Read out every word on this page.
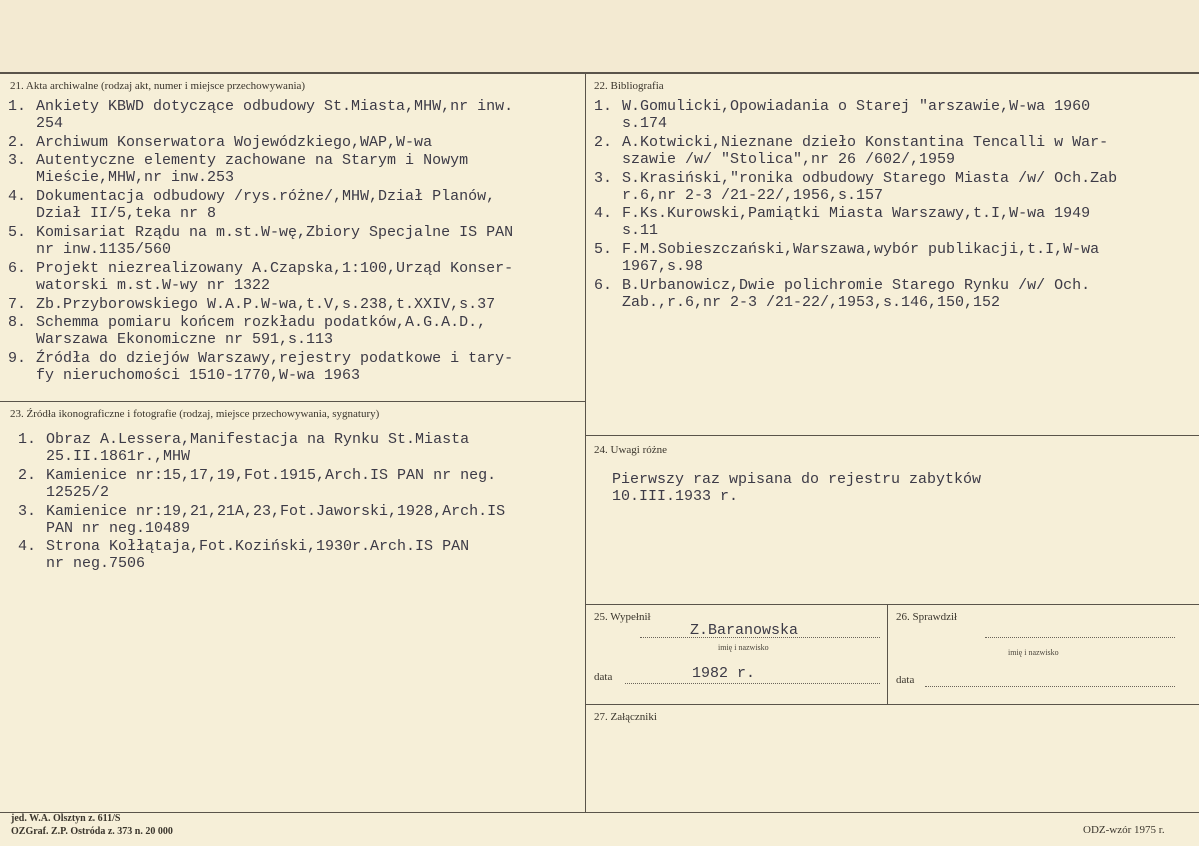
21. Akta archiwalne (rodzaj akt, numer i miejsce przechowywania)
1. Ankiety KBWD dotyczące odbudowy St.Miasta,MHW,nr inw.
254
2. Archiwum Konserwatora Wojewódzkiego,WAP,W-wa
3. Autentyczne elementy zachowane na Starym i Nowym
Mieście,MHW,nr inw.253
4. Dokumentacja odbudowy /rys.różne/,MHW,Dział Planów,
Dział II/5,teka nr 8
5. Komisariat Rządu na m.st.W-wę,Zbiory Specjalne IS PAN
nr inw.1135/560
6. Projekt niezrealizowany A.Czapska,1:100,Urząd Konser-
watorski m.st.W-wy nr 1322
7. Zb.Przyborowskiego W.A.P.W-wa,t.V,s.238,t.XXIV,s.37
8. Schemma pomiaru końcem rozkładu podatków,A.G.A.D.,
Warszawa Ekonomiczne nr 591,s.113
9. Źródła do dziejów Warszawy,rejestry podatkowe i tary-
fy nieruchomości 1510-1770,W-wa 1963
22. Bibliografia
1. W.Gomulicki,Opowiadania o Starej "arszawie,W-wa 1960
s.174
2. A.Kotwicki,Nieznane dzieło Konstantina Tencalli w War-
szawie /w/ "Stolica",nr 26 /602/,1959
3. S.Krasiński,"ronika odbudowy Starego Miasta /w/ Och.Zab
r.6,nr 2-3 /21-22/,1956,s.157
4. F.Ks.Kurowski,Pamiątki Miasta Warszawy,t.I,W-wa 1949
s.11
5. F.M.Sobieszczański,Warszawa,wybór publikacji,t.I,W-wa
1967,s.98
6. B.Urbanowicz,Dwie polichromie Starego Rynku /w/ Och.
Zab.,r.6,nr 2-3 /21-22/,1953,s.146,150,152
23. Źródła ikonograficzne i fotografie (rodzaj, miejsce przechowywania, sygnatury)
1. Obraz A.Lessera,Manifestacja na Rynku St.Miasta
25.II.1861r.,MHW
2. Kamienice nr:15,17,19,Fot.1915,Arch.IS PAN nr neg.
12525/2
3. Kamienice nr:19,21,21A,23,Fot.Jaworski,1928,Arch.IS
PAN nr neg.10489
4. Strona Kołłątaja,Fot.Koziński,1930r.Arch.IS PAN
nr neg.7506
24. Uwagi różne
Pierwszy raz wpisana do rejestru zabytków
10.III.1933 r.
25. Wypełnił
Z.Baranowska
imię i nazwisko
data	1982 r.
26. Sprawdził
imię i nazwisko
data
27. Załączniki
jed. W.A. Olsztyn z. 611/S
OZGraf. Z.P. Ostróda z. 373 n. 20 000	ODZ-wzór 1975 r.
